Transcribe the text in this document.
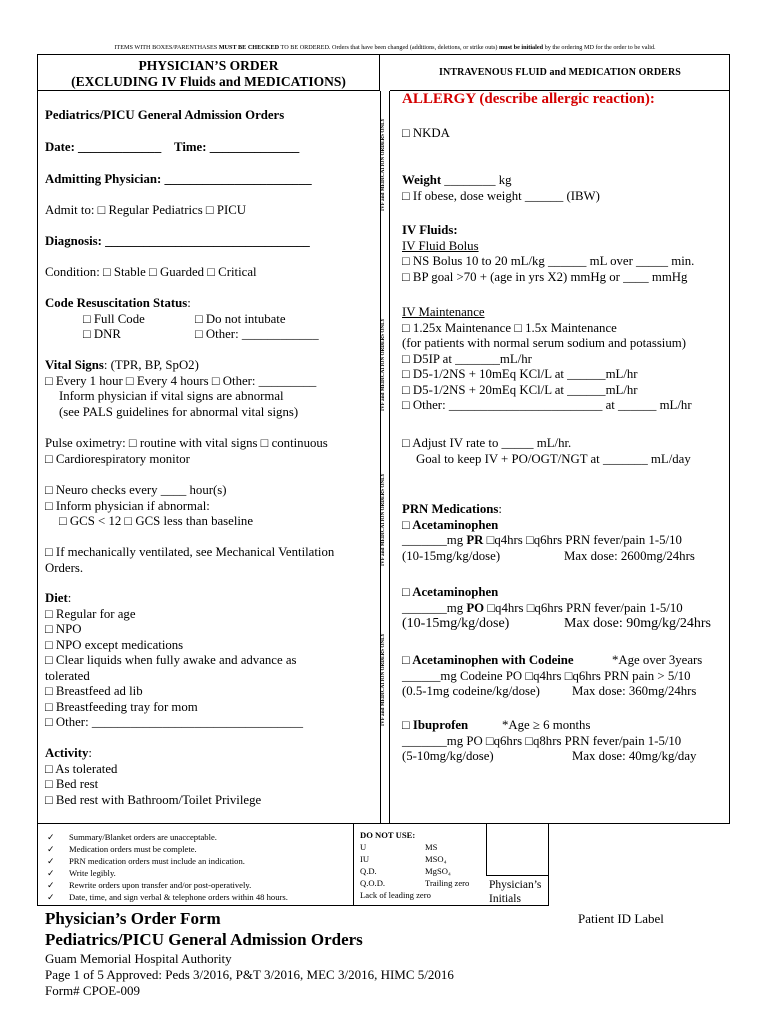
ITEMS WITH BOXES/PARENTHASES MUST BE CHECKED TO BE ORDERED. Orders that have been changed (additions, deletions, or strike outs) must be initialed by the ordering MD for the order to be valid.
PHYSICIAN’S ORDER
(EXCLUDING IV Fluids and MEDICATIONS)
INTRAVENOUS FLUID and MEDICATION ORDERS
IVF and MEDICATION ORDERS ONLY
IVF and MEDICATION ORDERS ONLY
IVF and MEDICATION ORDERS ONLY
IVF and MEDICATION ORDERS ONLY
Pediatrics/PICU General Admission Orders
Date: _____________ Time: ______________
Admitting Physician: _______________________
Admit to: □ Regular Pediatrics □ PICU
Diagnosis: ________________________________
Condition: □ Stable □ Guarded □ Critical
Code Resuscitation Status:
□ Full Code	□ Do not intubate
□ DNR	□ Other: ____________
Vital Signs: (TPR, BP, SpO2)
□ Every 1 hour □ Every 4 hours □ Other: _________
Inform physician if vital signs are abnormal
(see PALS guidelines for abnormal vital signs)
Pulse oximetry: □ routine with vital signs □ continuous
□ Cardiorespiratory monitor
□ Neuro checks every ____ hour(s)
□ Inform physician if abnormal:
□ GCS < 12 □ GCS less than baseline
□ If mechanically ventilated, see Mechanical Ventilation
Orders.
Diet:
□ Regular for age
□ NPO
□ NPO except medications
□ Clear liquids when fully awake and advance as
tolerated
□ Breastfeed ad lib
□ Breastfeeding tray for mom
□ Other: _________________________________
Activity:
□ As tolerated
□ Bed rest
□ Bed rest with Bathroom/Toilet Privilege
ALLERGY (describe allergic reaction):
□ NKDA
Weight ________ kg
□ If obese, dose weight ______ (IBW)
IV Fluids:
IV Fluid Bolus
□ NS Bolus 10 to 20 mL/kg ______ mL over _____ min.
□ BP goal >70 + (age in yrs X2) mmHg or ____ mmHg
IV Maintenance
□ 1.25x Maintenance □ 1.5x Maintenance
(for patients with normal serum sodium and potassium)
□ D5IP at _______mL/hr
□ D5-1/2NS + 10mEq KCl/L at ______mL/hr
□ D5-1/2NS + 20mEq KCl/L at ______mL/hr
□ Other: ________________________ at ______ mL/hr
□ Adjust IV rate to _____ mL/hr.
Goal to keep IV + PO/OGT/NGT at _______ mL/day
PRN Medications:
□ Acetaminophen
_______mg PR □q4hrs □q6hrs PRN fever/pain 1-5/10
(10-15mg/kg/dose)	Max dose: 2600mg/24hrs
□ Acetaminophen
_______mg PO □q4hrs □q6hrs PRN fever/pain 1-5/10
(10-15mg/kg/dose)	Max dose: 90mg/kg/24hrs
□ Acetaminophen with Codeine	*Age over 3years
______mg Codeine PO □q4hrs □q6hrs PRN pain > 5/10
(0.5-1mg codeine/kg/dose)	Max dose: 360mg/24hrs
□ Ibuprofen	*Age ≥ 6 months
_______mg PO □q6hrs □q8hrs PRN fever/pain 1-5/10
(5-10mg/kg/dose)	Max dose: 40mg/kg/day
✓ Summary/Blanket orders are unacceptable.
✓ Medication orders must be complete.
✓ PRN medication orders must include an indication.
✓ Write legibly.
✓ Rewrite orders upon transfer and/or post-operatively.
✓ Date, time, and sign verbal & telephone orders within 48 hours.
DO NOT USE:
U	MS
IU	MSO₄
Q.D.	MgSO₄
Q.O.D.	Trailing zero
Lack of leading zero
Physician’s
Initials
Physician’s Order Form
Pediatrics/PICU General Admission Orders
Guam Memorial Hospital Authority
Page 1 of 5 Approved: Peds 3/2016, P&T 3/2016, MEC 3/2016, HIMC 5/2016
Form# CPOE-009
Patient ID Label
